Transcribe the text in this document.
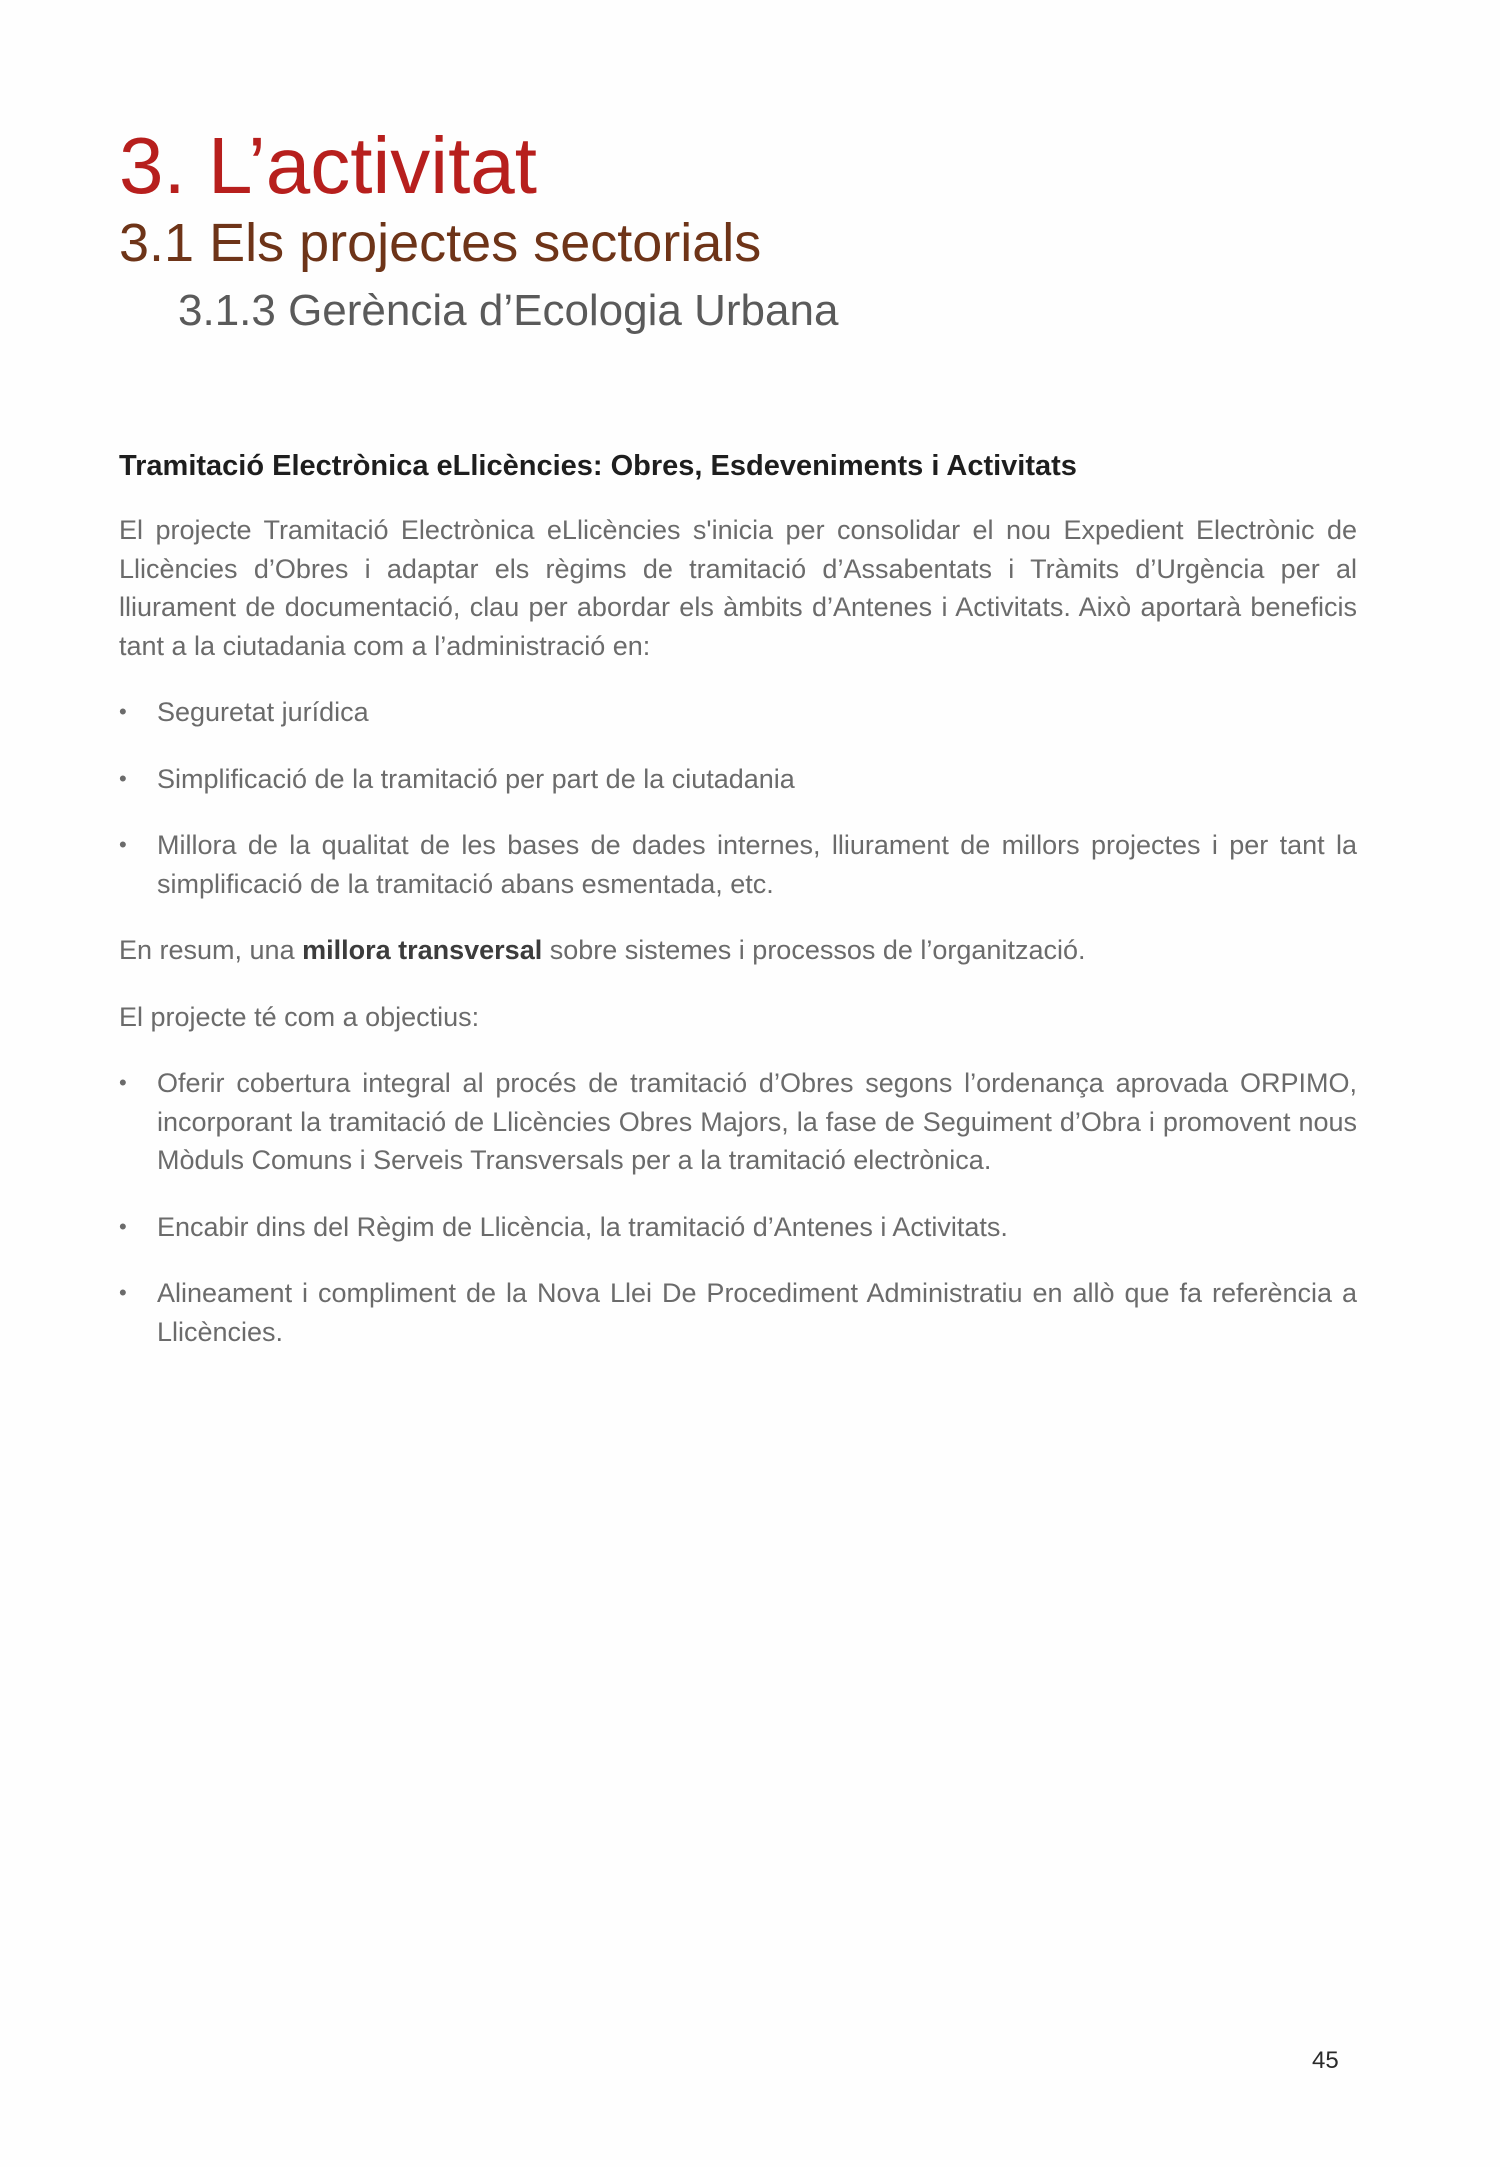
3. L’activitat
3.1 Els projectes sectorials
3.1.3 Gerència d’Ecologia Urbana
Tramitació Electrònica eLlicències: Obres, Esdeveniments i Activitats

El projecte Tramitació Electrònica eLlicències s'inicia per consolidar el nou Expedient Electrònic de Llicències d’Obres i adaptar els règims de tramitació d’Assabentats i Tràmits d’Urgència per al lliurament de documentació, clau per abordar els àmbits d’Antenes i Activitats. Això aportarà beneficis tant a la ciutadania com a l’administració en:

• Seguretat jurídica
• Simplificació de la tramitació per part de la ciutadania
• Millora de la qualitat de les bases de dades internes, lliurament de millors projectes i per tant la simplificació de la tramitació abans esmentada, etc.

En resum, una millora transversal sobre sistemes i processos de l’organització.

El projecte té com a objectius:

• Oferir cobertura integral al procés de tramitació d’Obres segons l’ordenança aprovada ORPIMO, incorporant la tramitació de Llicències Obres Majors, la fase de Seguiment d’Obra i promovent nous Mòduls Comuns i Serveis Transversals per a la tramitació electrònica.
• Encabir dins del Règim de Llicència, la tramitació d’Antenes i Activitats.
• Alineament i compliment de la Nova Llei De Procediment Administratiu en allò que fa referència a Llicències.
45
